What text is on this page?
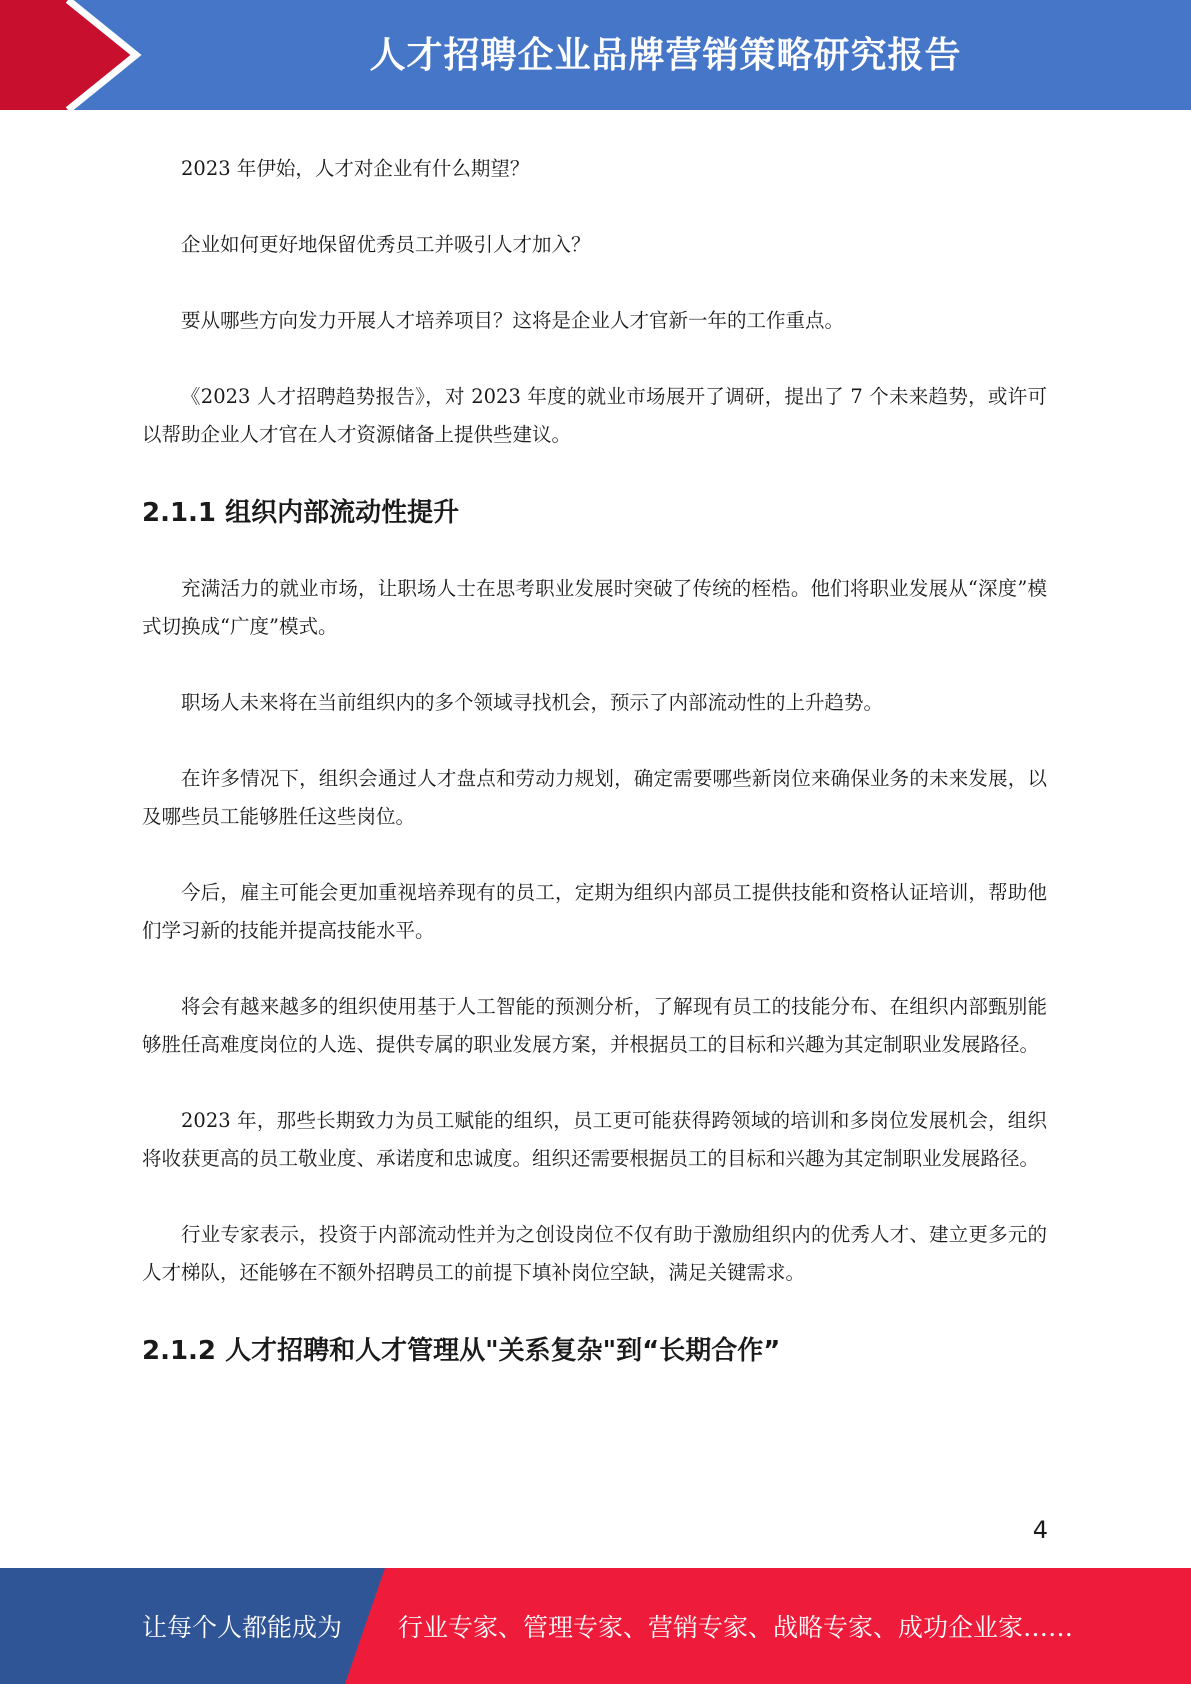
人才招聘企业品牌营销策略研究报告

2023 年伊始，人才对企业有什么期望？

企业如何更好地保留优秀员工并吸引人才加入？

要从哪些方向发力开展人才培养项目？这将是企业人才官新一年的工作重点。

《2023 人才招聘趋势报告》，对 2023 年度的就业市场展开了调研，提出了 7 个未来趋势，或许可以帮助企业人才官在人才资源储备上提供些建议。

2.1.1 组织内部流动性提升

充满活力的就业市场，让职场人士在思考职业发展时突破了传统的桎梏。他们将职业发展从“深度”模式切换成“广度”模式。

职场人未来将在当前组织内的多个领域寻找机会，预示了内部流动性的上升趋势。

在许多情况下，组织会通过人才盘点和劳动力规划，确定需要哪些新岗位来确保业务的未来发展，以及哪些员工能够胜任这些岗位。

今后，雇主可能会更加重视培养现有的员工，定期为组织内部员工提供技能和资格认证培训，帮助他们学习新的技能并提高技能水平。

将会有越来越多的组织使用基于人工智能的预测分析，了解现有员工的技能分布、在组织内部甄别能够胜任高难度岗位的人选、提供专属的职业发展方案，并根据员工的目标和兴趣为其定制职业发展路径。

2023 年，那些长期致力为员工赋能的组织，员工更可能获得跨领域的培训和多岗位发展机会，组织将收获更高的员工敬业度、承诺度和忠诚度。组织还需要根据员工的目标和兴趣为其定制职业发展路径。

行业专家表示，投资于内部流动性并为之创设岗位不仅有助于激励组织内的优秀人才、建立更多元的人才梯队，还能够在不额外招聘员工的前提下填补岗位空缺，满足关键需求。

2.1.2 人才招聘和人才管理从"关系复杂"到“长期合作”
4
让每个人都能成为 行业专家、管理专家、营销专家、战略专家、成功企业家……
